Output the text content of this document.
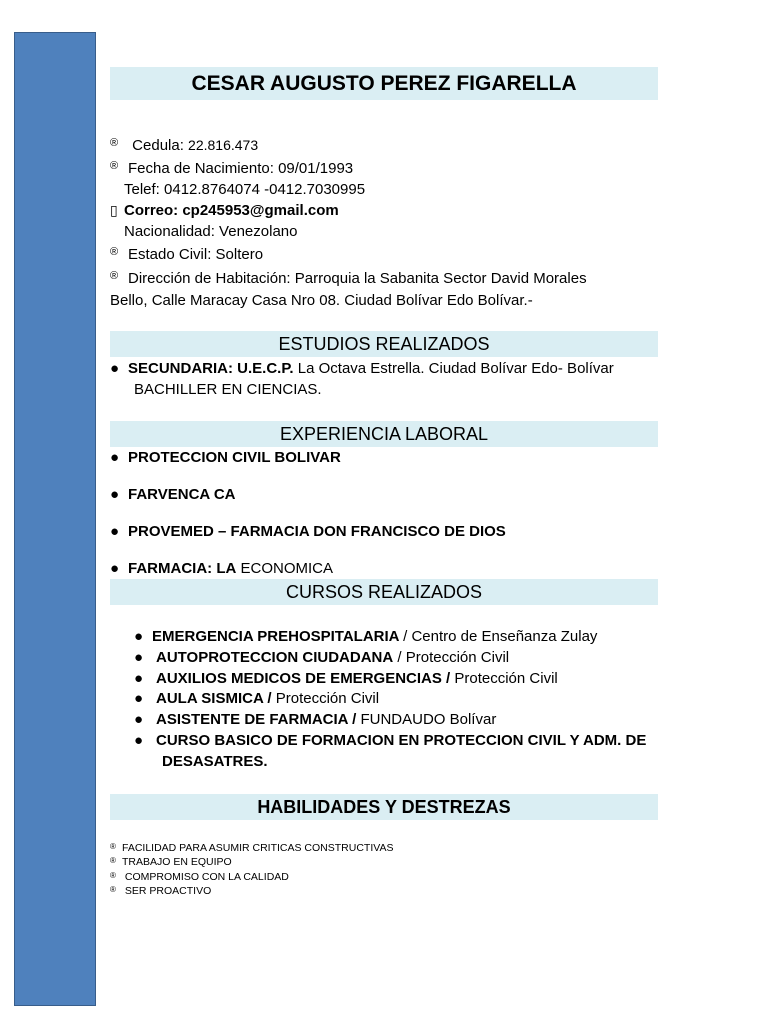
CESAR AUGUSTO PEREZ FIGARELLA
® Cedula: 22.816.473
® Fecha de Nacimiento: 09/01/1993
Telef: 0412.8764074 -0412.7030995
▯ Correo: cp245953@gmail.com
Nacionalidad: Venezolano
® Estado Civil: Soltero
® Dirección de Habitación: Parroquia la Sabanita Sector David Morales
Bello, Calle Maracay Casa Nro 08. Ciudad Bolívar Edo Bolívar.-
ESTUDIOS REALIZADOS
● SECUNDARIA: U.E.C.P. La Octava Estrella. Ciudad Bolívar Edo- Bolívar
BACHILLER EN CIENCIAS.
EXPERIENCIA LABORAL
● PROTECCION CIVIL BOLIVAR
● FARVENCA CA
● PROVEMED – FARMACIA DON FRANCISCO DE DIOS
● FARMACIA: LA ECONOMICA
CURSOS REALIZADOS
● EMERGENCIA PREHOSPITALARIA / Centro de Enseñanza Zulay
● AUTOPROTECCION CIUDADANA / Protección Civil
● AUXILIOS MEDICOS DE EMERGENCIAS / Protección Civil
● AULA SISMICA / Protección Civil
● ASISTENTE DE FARMACIA / FUNDAUDO Bolívar
● CURSO BASICO DE FORMACION EN PROTECCION CIVIL Y ADM. DE
DESASATRES.
HABILIDADES Y DESTREZAS
® FACILIDAD PARA ASUMIR CRITICAS CONSTRUCTIVAS
® TRABAJO EN EQUIPO
® COMPROMISO CON LA CALIDAD
® SER PROACTIVO
